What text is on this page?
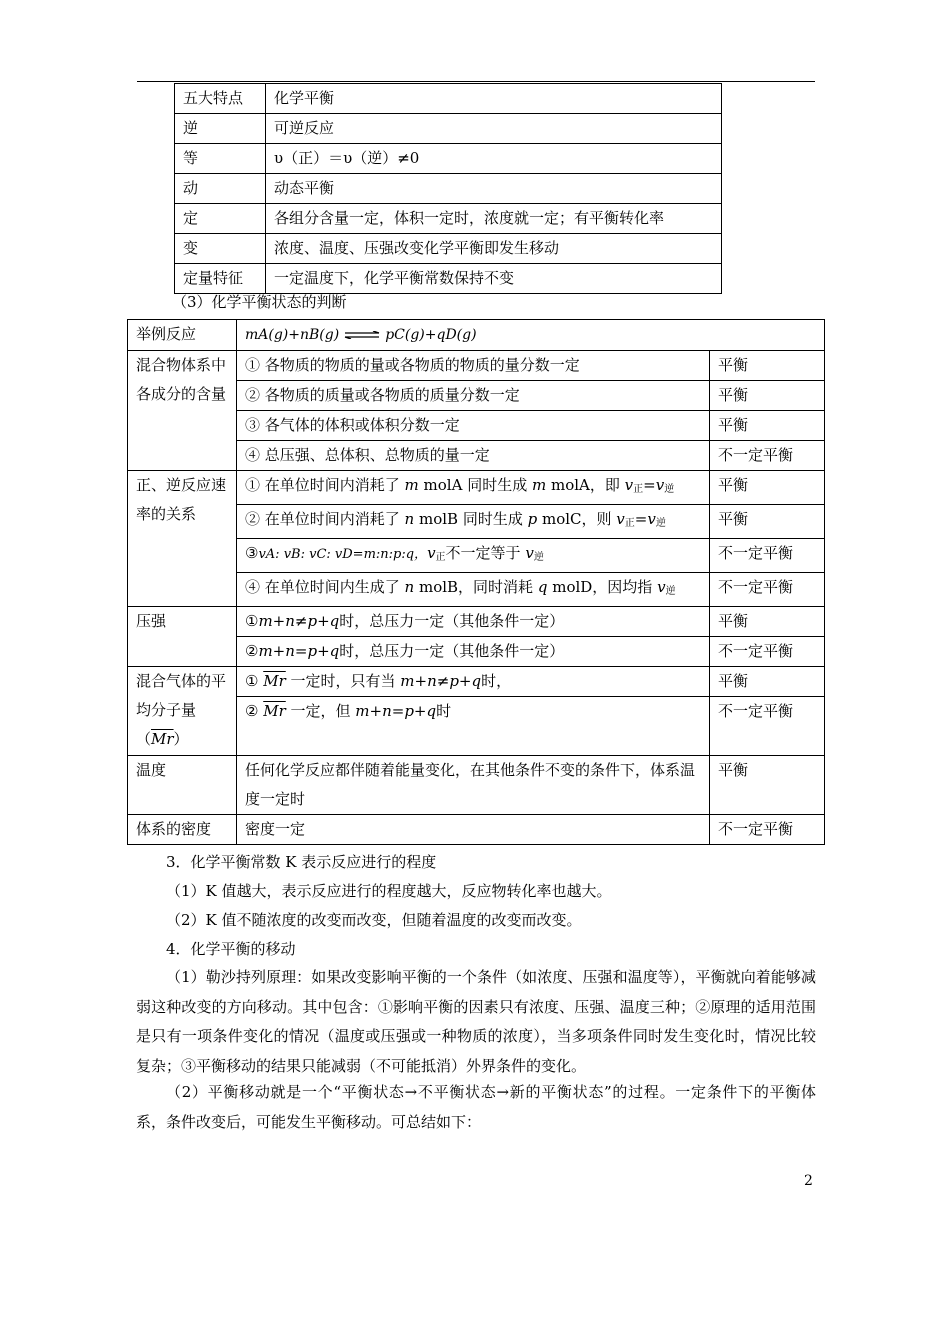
五大特点	化学平衡
逆	可逆反应
等	υ（正）＝υ（逆）≠0
动	动态平衡
定	各组分含量一定，体积一定时，浓度就一定；有平衡转化率
变	浓度、温度、压强改变化学平衡即发生移动
定量特征	一定温度下，化学平衡常数保持不变
（3）化学平衡状态的判断
举例反应	mA(g)+nB(g) ⇌ pC(g)+qD(g)	
混合物体系中各成分的含量	① 各物质的物质的量或各物质的物质的量分数一定	平衡
	② 各物质的质量或各物质的质量分数一定	平衡
	③ 各气体的体积或体积分数一定	平衡
	④ 总压强、总体积、总物质的量一定	不一定平衡
正、逆反应速率的关系	① 在单位时间内消耗了 m molA 同时生成 m molA，即 $v_正=v_逆$	平衡
	② 在单位时间内消耗了 n molB 同时生成 p molC，则 $v_正=v_逆$	平衡
	③vA: vB: vC: vD=m:n:p:q，$v_正$不一定等于 $v_逆$	不一定平衡
	④ 在单位时间内生成了 n molB，同时消耗 q molD，因均指 $v_逆$	不一定平衡
压强	①m+n≠p+q时，总压力一定（其他条件一定）	平衡
	②m+n=p+q时，总压力一定（其他条件一定）	不一定平衡
混合气体的平均分子量
$(\overline{Mr})$	① $\overline{Mr}$ 一定时，只有当 m+n≠p+q时，	平衡
	② $\overline{Mr}$ 一定，但 m+n=p+q时	不一定平衡
温度	任何化学反应都伴随着能量变化，在其他条件不变的条件下，体系温度一定时	平衡
体系的密度	密度一定	不一定平衡
3．化学平衡常数 K 表示反应进行的程度
（1）K 值越大，表示反应进行的程度越大，反应物转化率也越大。
（2）K 值不随浓度的改变而改变，但随着温度的改变而改变。
4．化学平衡的移动
（1）勒沙持列原理：如果改变影响平衡的一个条件（如浓度、压强和温度等），平衡就向着能够减弱这种改变的方向移动。其中包含：①影响平衡的因素只有浓度、压强、温度三种；②原理的适用范围是只有一项条件变化的情况（温度或压强或一种物质的浓度），当多项条件同时发生变化时，情况比较复杂；③平衡移动的结果只能减弱（不可能抵消）外界条件的变化。
（2）平衡移动就是一个“平衡状态→不平衡状态→新的平衡状态”的过程。一定条件下的平衡体系，条件改变后，可能发生平衡移动。可总结如下：
2
